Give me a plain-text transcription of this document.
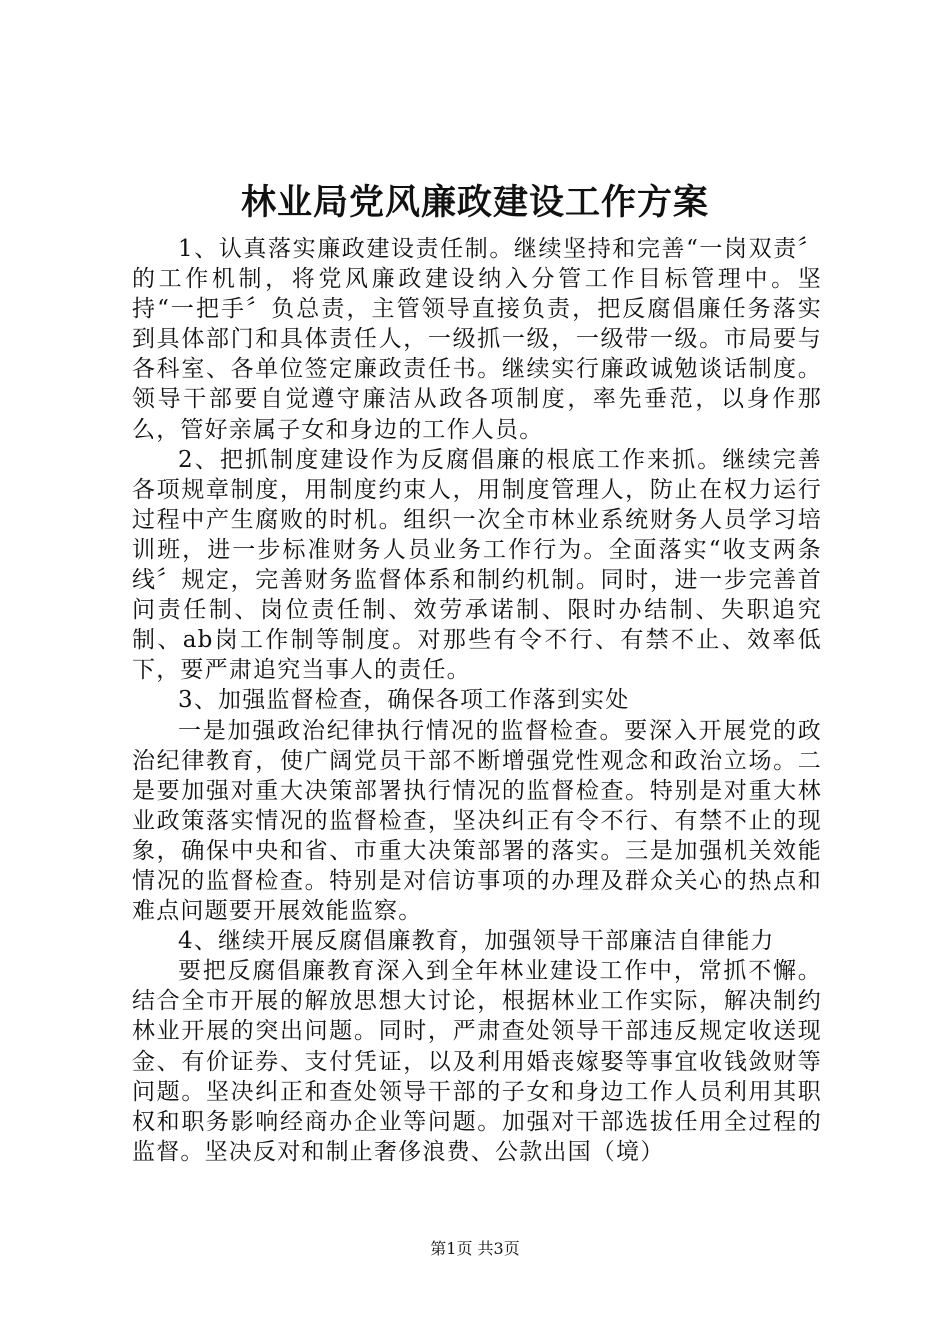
林业局党风廉政建设工作方案

1、认真落实廉政建设责任制。继续坚持和完善“一岗双责〞的工作机制，将党风廉政建设纳入分管工作目标管理中。坚持“一把手〞负总责，主管领导直接负责，把反腐倡廉任务落实到具体部门和具体责任人，一级抓一级，一级带一级。市局要与各科室、各单位签定廉政责任书。继续实行廉政诚勉谈话制度。领导干部要自觉遵守廉洁从政各项制度，率先垂范，以身作那么，管好亲属子女和身边的工作人员。

2、把抓制度建设作为反腐倡廉的根底工作来抓。继续完善各项规章制度，用制度约束人，用制度管理人，防止在权力运行过程中产生腐败的时机。组织一次全市林业系统财务人员学习培训班，进一步标准财务人员业务工作行为。全面落实“收支两条线〞规定，完善财务监督体系和制约机制。同时，进一步完善首问责任制、岗位责任制、效劳承诺制、限时办结制、失职追究制、ab岗工作制等制度。对那些有令不行、有禁不止、效率低下，要严肃追究当事人的责任。

3、加强监督检查，确保各项工作落到实处

一是加强政治纪律执行情况的监督检查。要深入开展党的政治纪律教育，使广阔党员干部不断增强党性观念和政治立场。二是要加强对重大决策部署执行情况的监督检查。特别是对重大林业政策落实情况的监督检查，坚决纠正有令不行、有禁不止的现象，确保中央和省、市重大决策部署的落实。三是加强机关效能情况的监督检查。特别是对信访事项的办理及群众关心的热点和难点问题要开展效能监察。

4、继续开展反腐倡廉教育，加强领导干部廉洁自律能力

要把反腐倡廉教育深入到全年林业建设工作中，常抓不懈。结合全市开展的解放思想大讨论，根据林业工作实际，解决制约林业开展的突出问题。同时，严肃查处领导干部违反规定收送现金、有价证券、支付凭证，以及利用婚丧嫁娶等事宜收钱敛财等问题。坚决纠正和查处领导干部的子女和身边工作人员利用其职权和职务影响经商办企业等问题。加强对干部选拔任用全过程的监督。坚决反对和制止奢侈浪费、公款出国（境）

第1页 共3页
